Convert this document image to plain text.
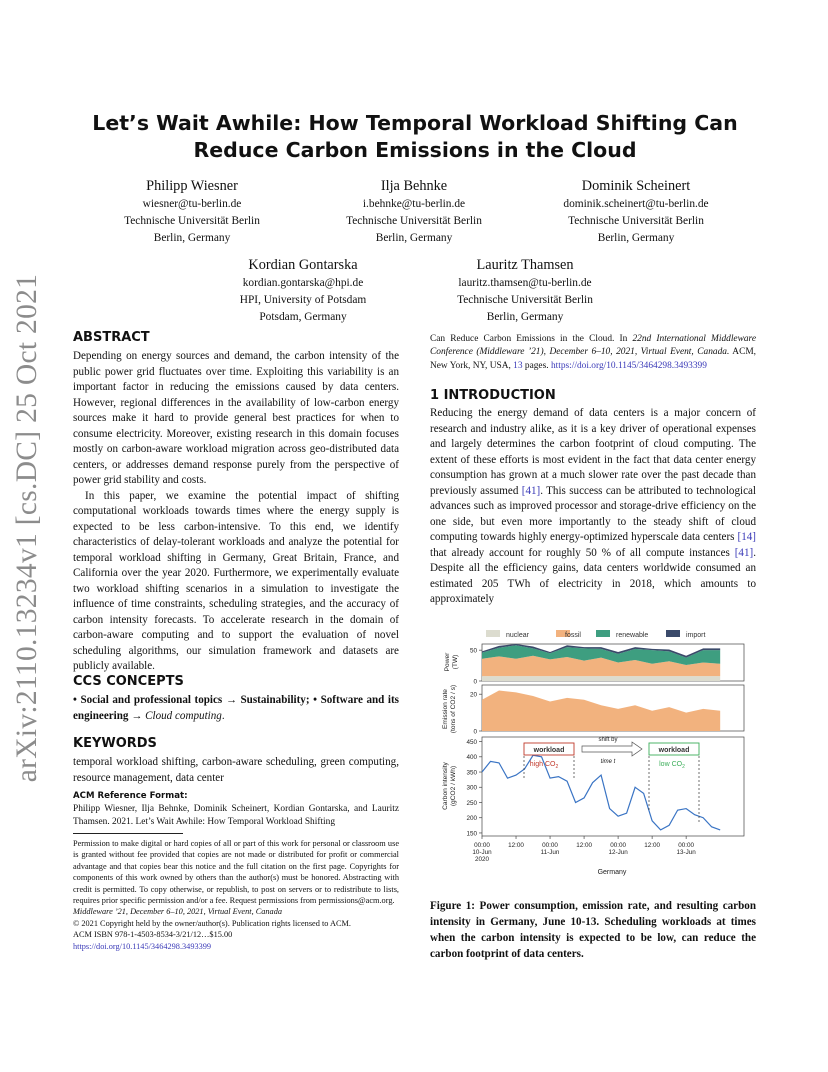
arXiv:2110.13234v1 [cs.DC] 25 Oct 2021
Let’s Wait Awhile: How Temporal Workload Shifting Can
Reduce Carbon Emissions in the Cloud
Philipp Wiesner
wiesner@tu-berlin.de
Technische Universität Berlin
Berlin, Germany
Ilja Behnke
i.behnke@tu-berlin.de
Technische Universität Berlin
Berlin, Germany
Dominik Scheinert
dominik.scheinert@tu-berlin.de
Technische Universität Berlin
Berlin, Germany
Kordian Gontarska
kordian.gontarska@hpi.de
HPI, University of Potsdam
Potsdam, Germany
Lauritz Thamsen
lauritz.thamsen@tu-berlin.de
Technische Universität Berlin
Berlin, Germany
ABSTRACT

Depending on energy sources and demand, the carbon intensity of the public power grid fluctuates over time. Exploiting this variability is an important factor in reducing the emissions caused by data centers. However, regional differences in the availability of low-carbon energy sources make it hard to provide general best practices for when to consume electricity. Moreover, existing research in this domain focuses mostly on carbon-aware workload migration across geo-distributed data centers, or addresses demand response purely from the perspective of power grid stability and costs.

In this paper, we examine the potential impact of shifting computational workloads towards times where the energy supply is expected to be less carbon-intensive. To this end, we identify characteristics of delay-tolerant workloads and analyze the potential for temporal workload shifting in Germany, Great Britain, France, and California over the year 2020. Furthermore, we experimentally evaluate two workload shifting scenarios in a simulation to investigate the influence of time constraints, scheduling strategies, and the accuracy of carbon intensity forecasts. To accelerate research in the domain of carbon-aware computing and to support the evaluation of novel scheduling algorithms, our simulation framework and datasets are publicly available.

CCS CONCEPTS
• Social and professional topics → Sustainability; • Software and its engineering → Cloud computing.
KEYWORDS
temporal workload shifting, carbon-aware scheduling, green computing, resource management, data center
ACM Reference Format:
Philipp Wiesner, Ilja Behnke, Dominik Scheinert, Kordian Gontarska, and Lauritz Thamsen. 2021. Let’s Wait Awhile: How Temporal Workload Shifting
Permission to make digital or hard copies of all or part of this work for personal or classroom use is granted without fee provided that copies are not made or distributed for profit or commercial advantage and that copies bear this notice and the full citation on the first page. Copyrights for components of this work owned by others than the author(s) must be honored. Abstracting with credit is permitted. To copy otherwise, or republish, to post on servers or to redistribute to lists, requires prior specific permission and/or a fee. Request permissions from permissions@acm.org.
Middleware ’21, December 6–10, 2021, Virtual Event, Canada
© 2021 Copyright held by the owner/author(s). Publication rights licensed to ACM.
ACM ISBN 978-1-4503-8534-3/21/12…$15.00
https://doi.org/10.1145/3464298.3493399
Can Reduce Carbon Emissions in the Cloud. In 22nd International Middleware Conference (Middleware ’21), December 6–10, 2021, Virtual Event, Canada. ACM, New York, NY, USA, 13 pages. https://doi.org/10.1145/3464298.3493399
1 INTRODUCTION
Reducing the energy demand of data centers is a major concern of research and industry alike, as it is a key driver of operational expenses and largely determines the carbon footprint of cloud computing. The extent of these efforts is most evident in the fact that data center energy consumption has grown at a much slower rate over the past decade than previously assumed [41]. This success can be attributed to technological advances such as improved processor and storage-drive efficiency on the one side, but even more importantly to the steady shift of cloud computing towards highly energy-optimized hyperscale data centers [14] that already account for roughly 50 % of all compute instances [41]. Despite all the efficiency gains, data centers worldwide consumed an estimated 205 TWh of electricity in 2018, which amounts to approximately
nuclear	fossil	renewable	import
Power (TW)
Emission rate (tons of CO2 / s)
Carbon intensity (gCO2 / kWh)
50
0
20
0
450
400
350
300
250
200
150
00:00
10-Jun
2020
12:00	00:00
11-Jun
12:00	00:00
12-Jun
12:00	00:00
13-Jun
workload
high $CO_2$
workload
low $CO_2$
shift by
time t
Germany
Figure 1: Power consumption, emission rate, and resulting carbon intensity in Germany, June 10-13. Scheduling workloads at times when the carbon intensity is expected to be low, can reduce the carbon footprint of data centers.
